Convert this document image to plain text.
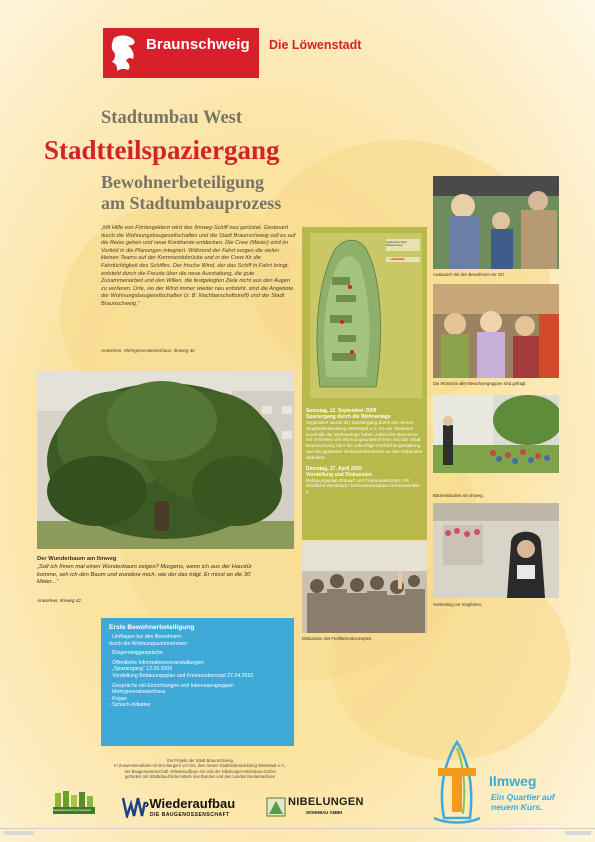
Braunschweig Die Löwenstadt
Stadtumbau West
Stadtteilspaziergang
Bewohnerbeteiligung
am Stadtumbauprozess
„Mit Hilfe von Fördergeldern wird das Ilmweg-Schiff neu gerüstet. Gesteuert durch die Wohnungsbaugesellschaften und die Stadt Braunschweig soll es auf die Reise gehen und neue Kontinente entdecken. Die Crew (Mieter) wird im Vorfeld in die Planungen integriert. Während der Fahrt sorgen die vielen kleinen Teams auf der Kommandobrücke und in der Crew für die Fahrtüchtigkeit des Schiffes. Der frische Wind, der das Schiff in Fahrt bringt, entsteht durch die Freude über die neue Ausstattung, die gute Zusammenarbeit und den Willen, die festgelegten Ziele nicht aus den Augen zu verlieren. Orte, wo der Wind immer wieder neu entsteht, sind die Angebote der Wohnungsbaugesellschaften (z. B. Nachbarschaftstreff) und der Stadt Braunschweig.“
Anwohner, Mehrgenerationenhaus, Ilmweg 40
Der Wunderbaum am Ilmweg
„Soll ich Ihnen mal einen Wunderbaum zeigen? Morgens, wenn ich aus der Haustür komme, seh ich den Baum und wundere mich, wie der das trägt. Er misst an die 30 Meter...“
Anwohner, Ilmweg 42
Erste Bewohnerbeteiligung
· Umfragen bei den Bewohnern
durch die Wohnungsunternehmen
· Bürgersteiggespräche
· Öffentliche Informationsveranstaltungen
- „Spaziergang“ 12.09.2009
- Vorstellung Bebauungsplan und Freiraumkonzept 27.04.2010
· Gespräche mit Einrichtungen und Interessengruppen
- Mehrgenerationenhaus
- Krippe
- Schach-Initiative
Stadtumbau West Braunschweig
LEGENDE
Samstag, 12. September 2009
Spaziergang durch die Wohnanlage
Organisiert wurde der Spaziergang durch den Verein Stadtteilentwicklung Weststadt e.V. An vier Stationen innerhalb der Wohnanlage haben zahlreiche Bewohner mit Vertretern der Wohnungsunternehmen und der Stadt Braunschweig über die zukünftige Freiflächengestaltung und die geplanten Umbaumaßnahmen an den Gebäuden diskutiert.
Dienstag, 27. April 2010
Vorstellung und Diskussion
Bebauungsplan-Entwurf und Freiraumkonzept. Ort: Nördliche Weststadt / Diskussionsstation Ilmenaustraße 2
Diskussion des Freiflächenkonzeptes.
Austausch mit den Bewohnern vor Ort.
Die Wünsche aller Bewohnergruppen sind gefragt.
Bäckerinitiative am Ilmweg.
Vorstellung vor möglichen.
Ein Projekt der Stadt Braunschweig
In Zusammenarbeit mit den Bürgern vor Ort, dem Verein Stadtteilentwicklung Weststadt e.V.,
der Baugenossenschaft ›Wiederaufbau‹ eG und der Nibelungen-Wohnbau-GmbH
gefördert mit Städtebaufördermitteln des Bundes und des Landes Niedersachsen
Stadtteilentwicklung Weststadt	›Wiederaufbau
DIE BAUGENOSSENSCHAFT
NIBELUNGEN
WOHNBAU GMBH
Ilmweg
Ein Quartier auf neuem Kurs.
